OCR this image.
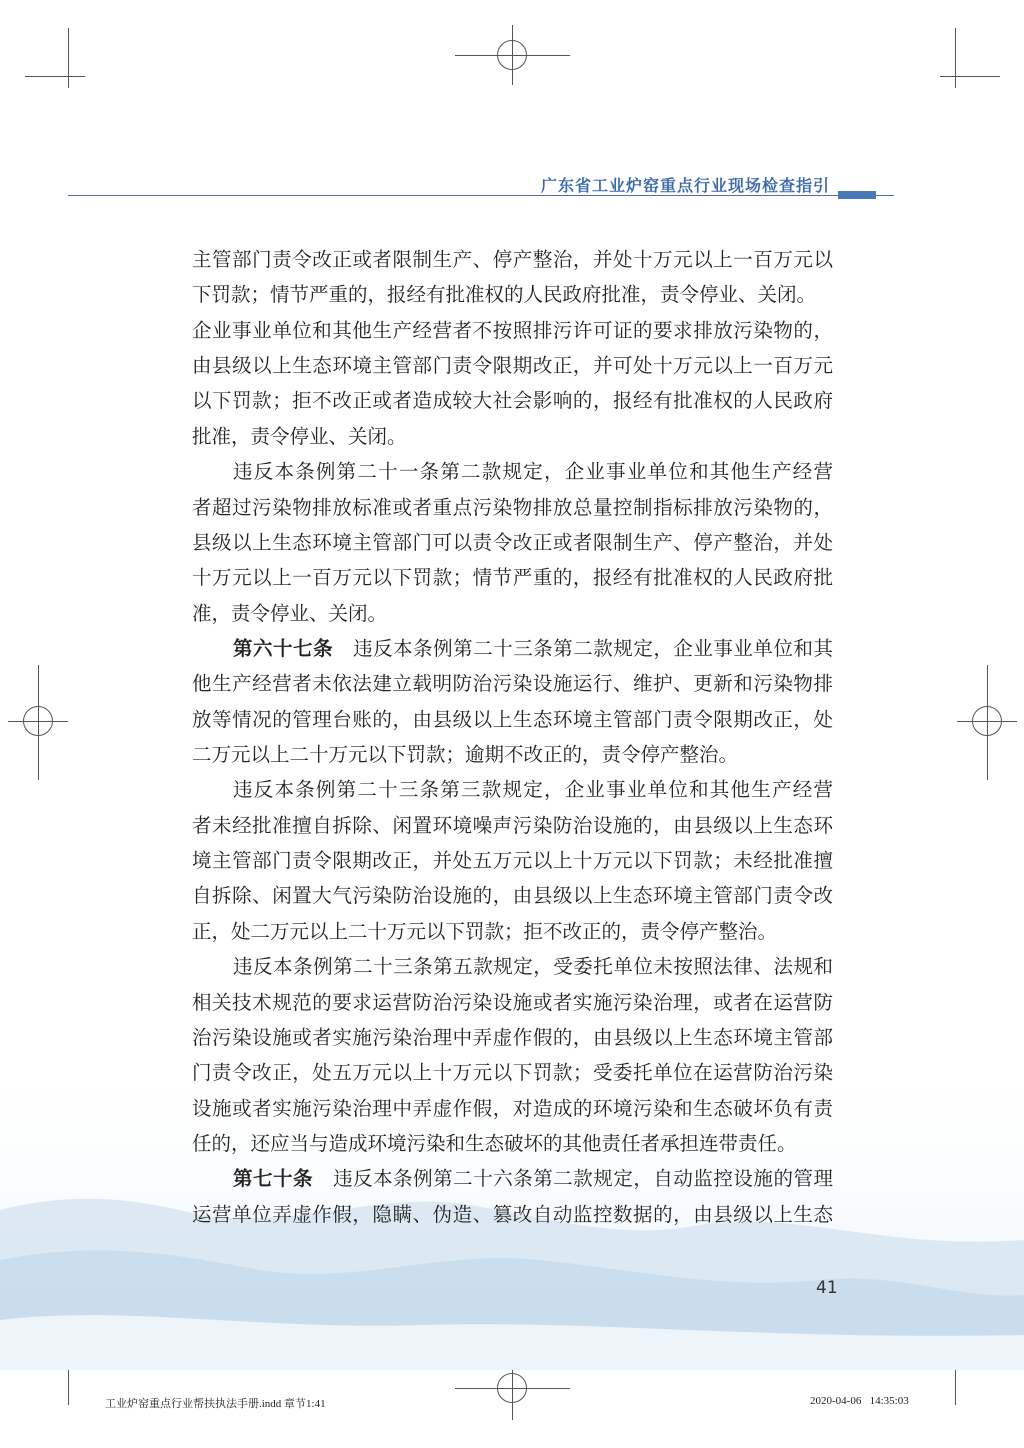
广东省工业炉窑重点行业现场检查指引
主管部门责令改正或者限制生产、停产整治，并处十万元以上一百万元以
下罚款；情节严重的，报经有批准权的人民政府批准，责令停业、关闭。
企业事业单位和其他生产经营者不按照排污许可证的要求排放污染物的，
由县级以上生态环境主管部门责令限期改正，并可处十万元以上一百万元
以下罚款；拒不改正或者造成较大社会影响的，报经有批准权的人民政府
批准，责令停业、关闭。
违反本条例第二十一条第二款规定，企业事业单位和其他生产经营
者超过污染物排放标准或者重点污染物排放总量控制指标排放污染物的，
县级以上生态环境主管部门可以责令改正或者限制生产、停产整治，并处
十万元以上一百万元以下罚款；情节严重的，报经有批准权的人民政府批
准，责令停业、关闭。
第六十七条 违反本条例第二十三条第二款规定，企业事业单位和其
他生产经营者未依法建立载明防治污染设施运行、维护、更新和污染物排
放等情况的管理台账的，由县级以上生态环境主管部门责令限期改正，处
二万元以上二十万元以下罚款；逾期不改正的，责令停产整治。
违反本条例第二十三条第三款规定，企业事业单位和其他生产经营
者未经批准擅自拆除、闲置环境噪声污染防治设施的，由县级以上生态环
境主管部门责令限期改正，并处五万元以上十万元以下罚款；未经批准擅
自拆除、闲置大气污染防治设施的，由县级以上生态环境主管部门责令改
正，处二万元以上二十万元以下罚款；拒不改正的，责令停产整治。
违反本条例第二十三条第五款规定，受委托单位未按照法律、法规和
相关技术规范的要求运营防治污染设施或者实施污染治理，或者在运营防
治污染设施或者实施污染治理中弄虚作假的，由县级以上生态环境主管部
门责令改正，处五万元以上十万元以下罚款；受委托单位在运营防治污染
设施或者实施污染治理中弄虚作假，对造成的环境污染和生态破坏负有责
任的，还应当与造成环境污染和生态破坏的其他责任者承担连带责任。
第七十条 违反本条例第二十六条第二款规定，自动监控设施的管理
运营单位弄虚作假，隐瞒、伪造、篡改自动监控数据的，由县级以上生态
41
工业炉窑重点行业帮扶执法手册.indd 章节1:41	2020-04-06   14:35:03
